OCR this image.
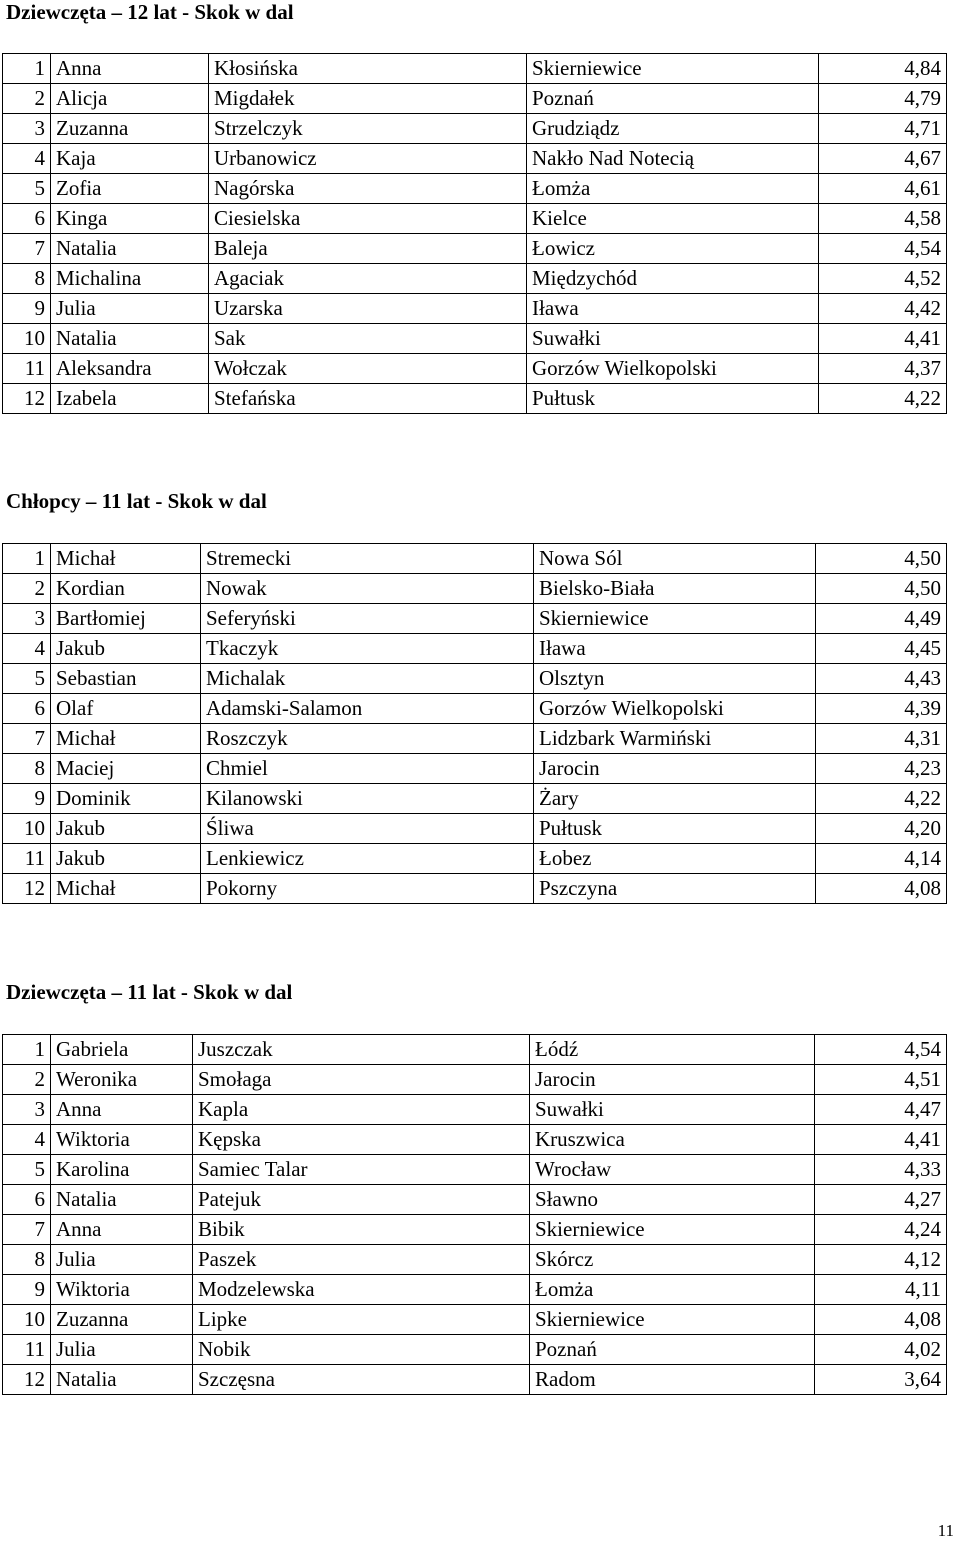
Dziewczęta – 12 lat - Skok w dal
1	Anna	Kłosińska	Skierniewice	4,84
2	Alicja	Migdałek	Poznań	4,79
3	Zuzanna	Strzelczyk	Grudziądz	4,71
4	Kaja	Urbanowicz	Nakło Nad Notecią	4,67
5	Zofia	Nagórska	Łomża	4,61
6	Kinga	Ciesielska	Kielce	4,58
7	Natalia	Baleja	Łowicz	4,54
8	Michalina	Agaciak	Międzychód	4,52
9	Julia	Uzarska	Iława	4,42
10	Natalia	Sak	Suwałki	4,41
11	Aleksandra	Wołczak	Gorzów Wielkopolski	4,37
12	Izabela	Stefańska	Pułtusk	4,22
Chłopcy – 11 lat - Skok w dal
1	Michał	Stremecki	Nowa Sól	4,50
2	Kordian	Nowak	Bielsko-Biała	4,50
3	Bartłomiej	Seferyński	Skierniewice	4,49
4	Jakub	Tkaczyk	Iława	4,45
5	Sebastian	Michalak	Olsztyn	4,43
6	Olaf	Adamski-Salamon	Gorzów Wielkopolski	4,39
7	Michał	Roszczyk	Lidzbark Warmiński	4,31
8	Maciej	Chmiel	Jarocin	4,23
9	Dominik	Kilanowski	Żary	4,22
10	Jakub	Śliwa	Pułtusk	4,20
11	Jakub	Lenkiewicz	Łobez	4,14
12	Michał	Pokorny	Pszczyna	4,08
Dziewczęta – 11 lat - Skok w dal
1	Gabriela	Juszczak	Łódź	4,54
2	Weronika	Smołaga	Jarocin	4,51
3	Anna	Kapla	Suwałki	4,47
4	Wiktoria	Kępska	Kruszwica	4,41
5	Karolina	Samiec Talar	Wrocław	4,33
6	Natalia	Patejuk	Sławno	4,27
7	Anna	Bibik	Skierniewice	4,24
8	Julia	Paszek	Skórcz	4,12
9	Wiktoria	Modzelewska	Łomża	4,11
10	Zuzanna	Lipke	Skierniewice	4,08
11	Julia	Nobik	Poznań	4,02
12	Natalia	Szczęsna	Radom	3,64
11
